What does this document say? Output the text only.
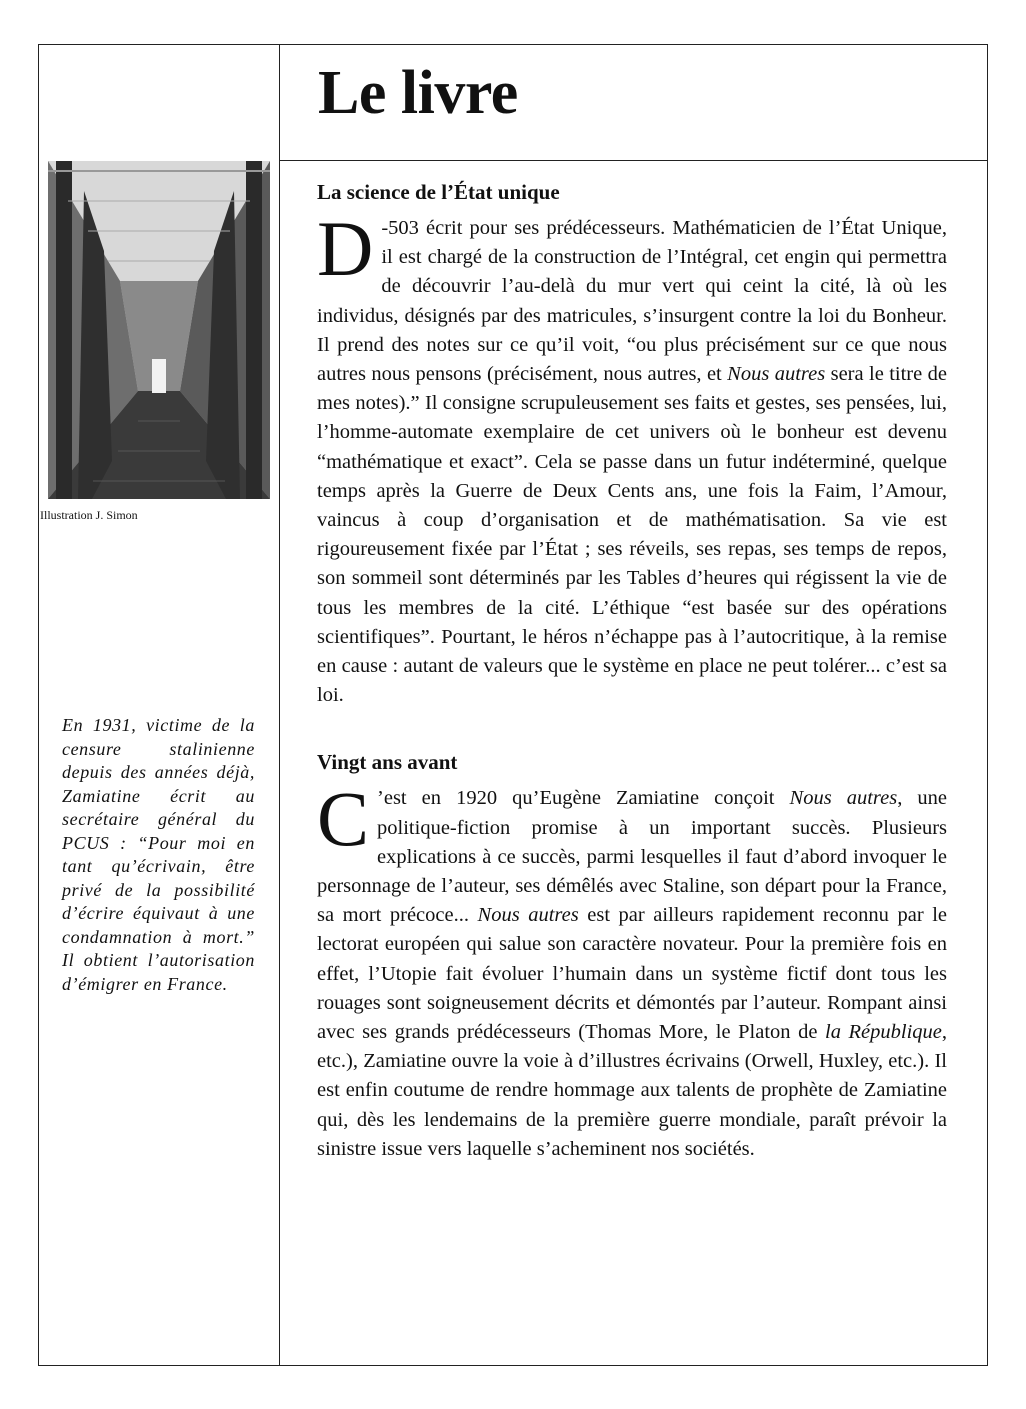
Le livre
Illustration J. Simon

En 1931, victime de la censure stalinienne depuis des années déjà, Zamiatine écrit au secrétaire général du PCUS : “Pour moi en tant qu’écrivain, être privé de la possibilité d’écrire équivaut à une condamnation à mort.” Il obtient l’autorisation d’émigrer en France.

La science de l’État unique

D -503 écrit pour ses prédécesseurs. Mathématicien de l’État Unique, il est chargé de la construction de l’Intégral, cet engin qui permettra de découvrir l’au-delà du mur vert qui ceint la cité, là où les individus, désignés par des matricules, s’insurgent contre la loi du Bonheur. Il prend des notes sur ce qu’il voit, “ou plus précisément sur ce que nous autres nous pensons (précisément, nous autres, et Nous autres sera le titre de mes notes).” Il consigne scrupuleusement ses faits et gestes, ses pensées, lui, l’homme-automate exemplaire de cet univers où le bonheur est devenu “mathématique et exact”. Cela se passe dans un futur indéterminé, quelque temps après la Guerre de Deux Cents ans, une fois la Faim, l’Amour, vaincus à coup d’organisation et de mathématisation. Sa vie est rigoureusement fixée par l’État ; ses réveils, ses repas, ses temps de repos, son sommeil sont déterminés par les Tables d’heures qui régissent la vie de tous les membres de la cité. L’éthique “est basée sur des opérations scientifiques”. Pourtant, le héros n’échappe pas à l’autocritique, à la remise en cause : autant de valeurs que le système en place ne peut tolérer... c’est sa loi.

Vingt ans avant

C ’est en 1920 qu’Eugène Zamiatine conçoit Nous autres, une politique-fiction promise à un important succès. Plusieurs explications à ce succès, parmi lesquelles il faut d’abord invoquer le personnage de l’auteur, ses démêlés avec Staline, son départ pour la France, sa mort précoce... Nous autres est par ailleurs rapidement reconnu par le lectorat européen qui salue son caractère novateur. Pour la première fois en effet, l’Utopie fait évoluer l’humain dans un système fictif dont tous les rouages sont soigneusement décrits et démontés par l’auteur. Rompant ainsi avec ses grands prédécesseurs (Thomas More, le Platon de la République, etc.), Zamiatine ouvre la voie à d’illustres écrivains (Orwell, Huxley, etc.). Il est enfin coutume de rendre hommage aux talents de prophète de Zamiatine qui, dès les lendemains de la première guerre mondiale, paraît prévoir la sinistre issue vers laquelle s’acheminent nos sociétés.
